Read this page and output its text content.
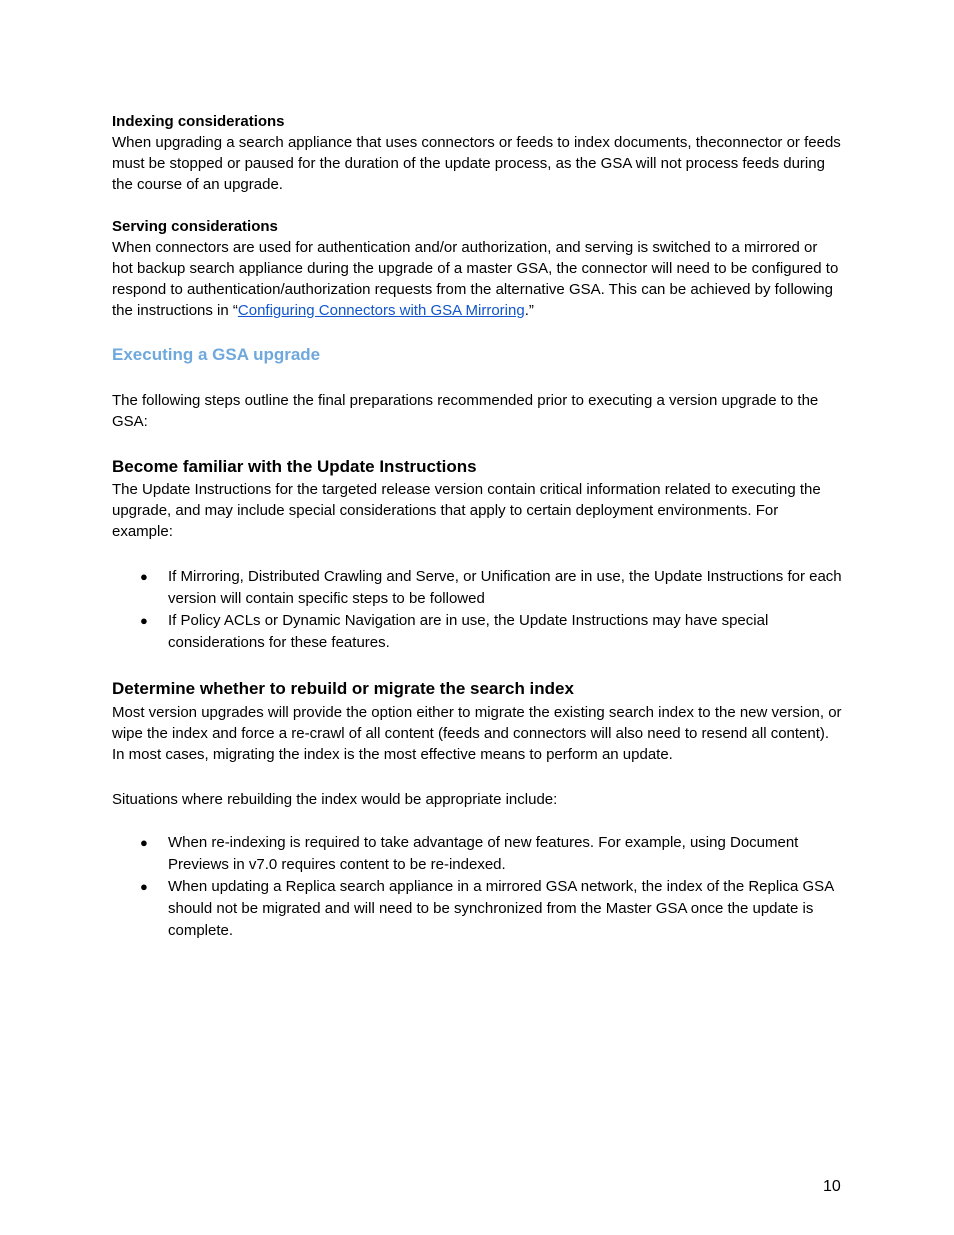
Indexing considerations

When upgrading a search appliance that uses connectors or feeds to index documents, theconnector or feeds must be stopped or paused for the duration of the update process, as the GSA will not process feeds during the course of an upgrade.

Serving considerations

When connectors are used for authentication and/or authorization, and serving is switched to a mirrored or hot backup search appliance during the upgrade of a master GSA, the connector will need to be configured to respond to authentication/authorization requests from the alternative GSA. This can be achieved by following the instructions in “Configuring Connectors with GSA Mirroring.”

Executing a GSA upgrade

The following steps outline the final preparations recommended prior to executing a version upgrade to the GSA:

Become familiar with the Update Instructions

The Update Instructions for the targeted release version contain critical information related to executing the upgrade, and may include special considerations that apply to certain deployment environments. For example:

●	If Mirroring, Distributed Crawling and Serve, or Unification are in use, the Update Instructions for each version will contain specific steps to be followed
●	If Policy ACLs or Dynamic Navigation are in use, the Update Instructions may have special considerations for these features.

Determine whether to rebuild or migrate the search index

Most version upgrades will provide the option either to migrate the existing search index to the new version, or wipe the index and force a re-crawl of all content (feeds and connectors will also need to resend all content). In most cases, migrating the index is the most effective means to perform an update.

Situations where rebuilding the index would be appropriate include:

●	When re-indexing is required to take advantage of new features. For example, using Document Previews in v7.0 requires content to be re-indexed.
●	When updating a Replica search appliance in a mirrored GSA network, the index of the Replica GSA should not be migrated and will need to be synchronized from the Master GSA once the update is complete.
10
